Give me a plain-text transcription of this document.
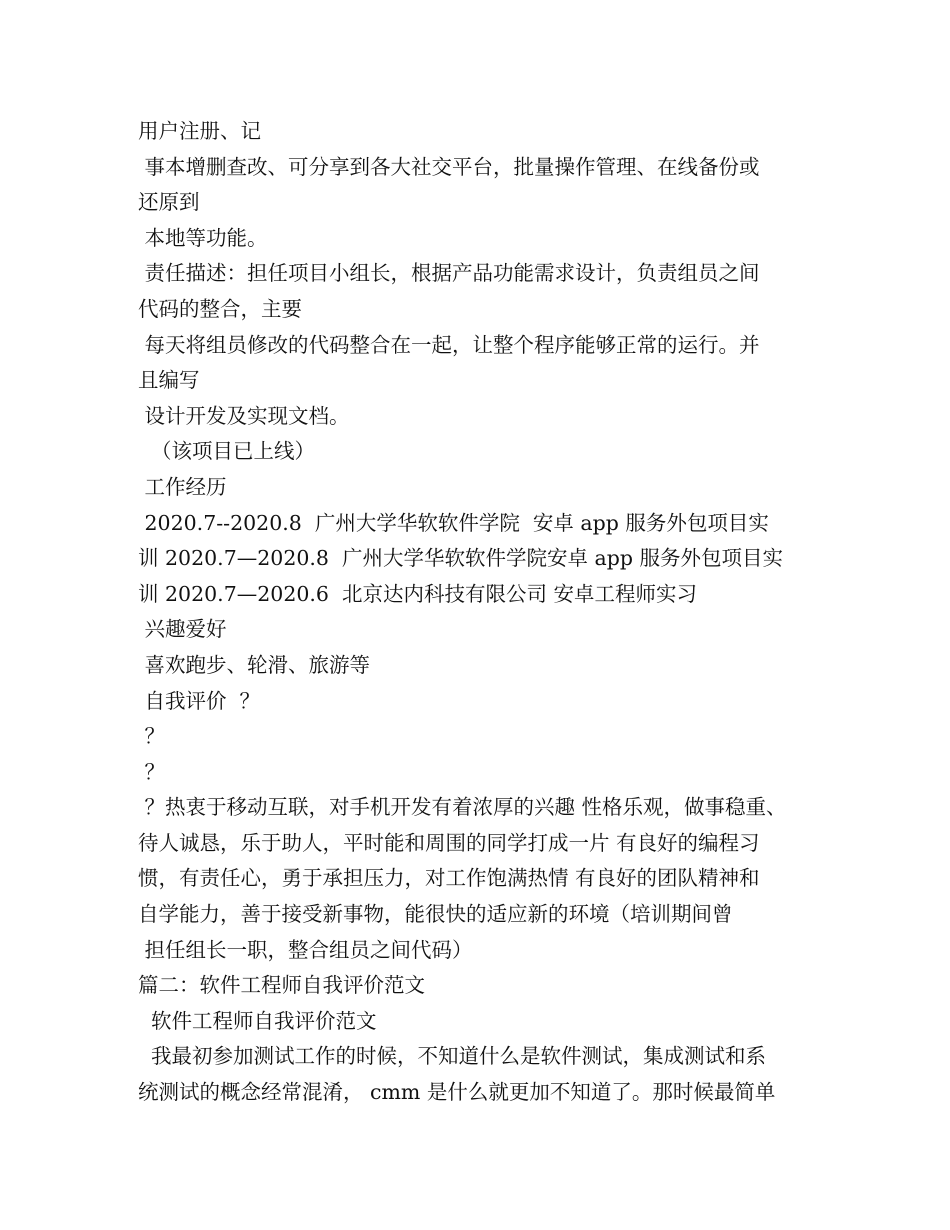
用户注册、记
事本增删查改、可分享到各大社交平台，批量操作管理、在线备份或
还原到
本地等功能。
责任描述：担任项目小组长，根据产品功能需求设计，负责组员之间
代码的整合，主要
每天将组员修改的代码整合在一起，让整个程序能够正常的运行。并
且编写
设计开发及实现文档。
（该项目已上线）
工作经历
2020.7--2020.8  广州大学华软软件学院  安卓 app 服务外包项目实
训 2020.7—2020.8  广州大学华软软件学院安卓 app 服务外包项目实
训 2020.7—2020.6  北京达内科技有限公司 安卓工程师实习
兴趣爱好
喜欢跑步、轮滑、旅游等
自我评价  ？
？
？
？热衷于移动互联，对手机开发有着浓厚的兴趣 性格乐观，做事稳重、
待人诚恳，乐于助人，平时能和周围的同学打成一片 有良好的编程习
惯，有责任心，勇于承担压力，对工作饱满热情 有良好的团队精神和
自学能力，善于接受新事物，能很快的适应新的环境（培训期间曾
担任组长一职，整合组员之间代码）
篇二：软件工程师自我评价范文
软件工程师自我评价范文
我最初参加测试工作的时候，不知道什么是软件测试，集成测试和系
统测试的概念经常混淆， cmm 是什么就更加不知道了。那时候最简单
